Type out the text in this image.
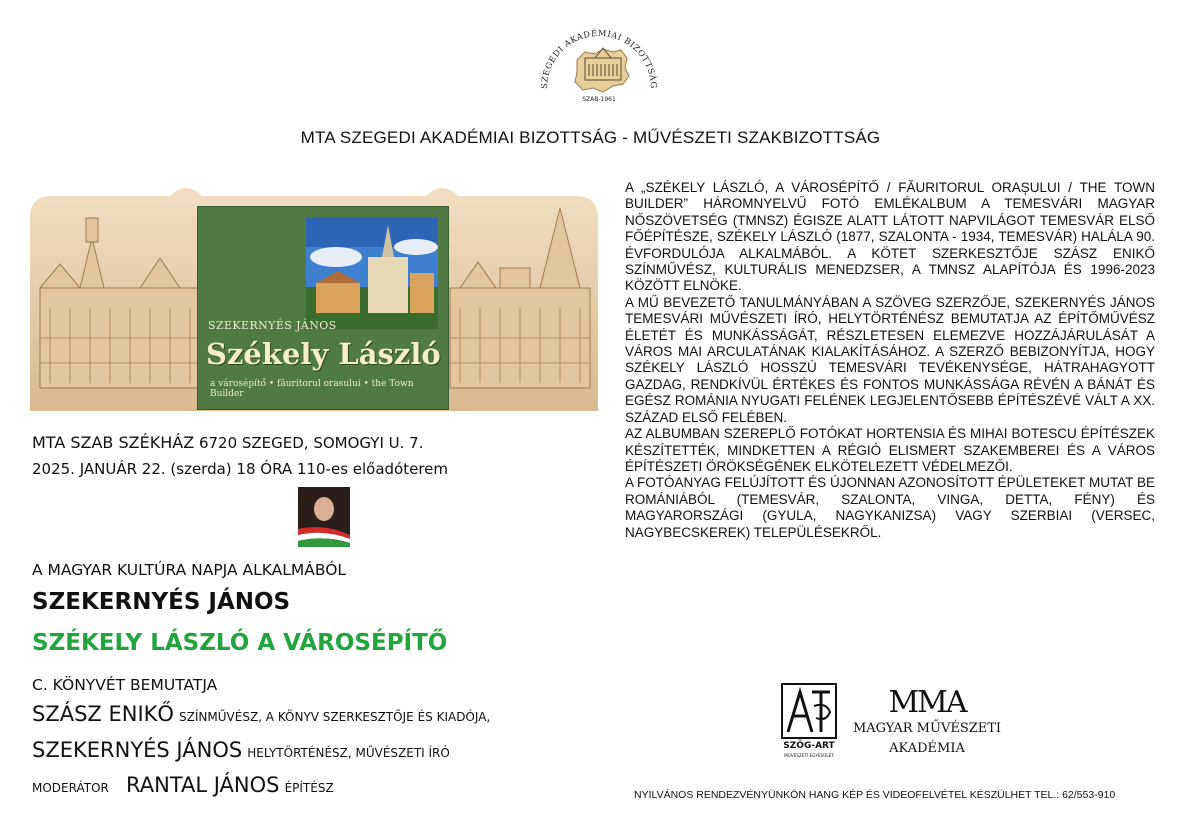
SZEGEDI AKADÉMIAI BIZOTTSÁG
SZAB-1961
MTA SZEGEDI AKADÉMIAI BIZOTTSÁG - MŰVÉSZETI SZAKBIZOTTSÁG
SZEKERNYÉS JÁNOS
Székely László
a városépítő • făuritorul orasului • the Town Builder
MTA SZAB SZÉKHÁZ 6720 SZEGED, SOMOGYI U. 7.
2025. JANUÁR 22. (szerda) 18 ÓRA 110-es előadóterem
A MAGYAR KULTÚRA NAPJA ALKALMÁBÓL
SZEKERNYÉS JÁNOS
SZÉKELY LÁSZLÓ A VÁROSÉPÍTŐ
C. KÖNYVÉT BEMUTATJA
SZÁSZ ENIKŐ SZÍNMŰVÉSZ, A KÖNYV SZERKESZTŐJE ÉS KIADÓJA,
SZEKERNYÉS JÁNOS HELYTÖRTÉNÉSZ, MŰVÉSZETI ÍRÓ
MODERÁTOR RANTAL JÁNOS ÉPÍTÉSZ

A „SZÉKELY LÁSZLÓ, A VÁROSÉPÍTŐ / FĂURITORUL ORAȘULUI / THE TOWN BUILDER” HÁROMNYELVŰ FOTÓ EMLÉKALBUM A TEMESVÁRI MAGYAR NŐSZÖVETSÉG (TMNSZ) ÉGISZE ALATT LÁTOTT NAPVILÁGOT TEMESVÁR ELSŐ FŐÉPÍTÉSZE, SZÉKELY LÁSZLÓ (1877, SZALONTA - 1934, TEMESVÁR) HALÁLA 90. ÉVFORDULÓJA ALKALMÁBÓL. A KÖTET SZERKESZTŐJE SZÁSZ ENIKŐ SZÍNMŰVÉSZ, KULTURÁLIS MENEDZSER, A TMNSZ ALAPÍTÓJA ÉS 1996-2023 KÖZÖTT ELNÖKE.

A MŰ BEVEZETŐ TANULMÁNYÁBAN A SZÖVEG SZERZŐJE, SZEKERNYÉS JÁNOS TEMESVÁRI MŰVÉSZETI ÍRÓ, HELYTÖRTÉNÉSZ BEMUTATJA AZ ÉPÍTŐMŰVÉSZ ÉLETÉT ÉS MUNKÁSSÁGÁT, RÉSZLETESEN ELEMEZVE HOZZÁJÁRULÁSÁT A VÁROS MAI ARCULATÁNAK KIALAKÍTÁSÁHOZ. A SZERZŐ BEBIZONYÍTJA, HOGY SZÉKELY LÁSZLÓ HOSSZÚ TEMESVÁRI TEVÉKENYSÉGE, HÁTRAHAGYOTT GAZDAG, RENDKÍVÜL ÉRTÉKES ÉS FONTOS MUNKÁSSÁGA RÉVÉN A BÁNÁT ÉS EGÉSZ ROMÁNIA NYUGATI FELÉNEK LEGJELENTŐSEBB ÉPÍTÉSZÉVÉ VÁLT A XX. SZÁZAD ELSŐ FELÉBEN.

AZ ALBUMBAN SZEREPLŐ FOTÓKAT HORTENSIA ÉS MIHAI BOTESCU ÉPÍTÉSZEK KÉSZÍTETTÉK, MINDKETTEN A RÉGIÓ ELISMERT SZAKEMBEREI ÉS A VÁROS ÉPÍTÉSZETI ÖRÖKSÉGÉNEK ELKÖTELEZETT VÉDELMEZŐI.

A FOTÓANYAG FELÚJÍTOTT ÉS ÚJONNAN AZONOSÍTOTT ÉPÜLETEKET MUTAT BE ROMÁNIÁBÓL (TEMESVÁR, SZALONTA, VINGA, DETTA, FÉNY) ÉS MAGYARORSZÁGI (GYULA, NAGYKANIZSA) VAGY SZERBIAI (VERSEC, NAGYBECSKEREK) TELEPÜLÉSEKRŐL.

SZÖG-ART
MŰVÉSZETI EGYESÜLET
MMA
MAGYAR MŰVÉSZETI
AKADÉMIA
NYILVÁNOS RENDEZVÉNYÜNKÖN HANG KÉP ÉS VIDEOFELVÉTEL KÉSZÜLHET TEL.: 62/553-910
